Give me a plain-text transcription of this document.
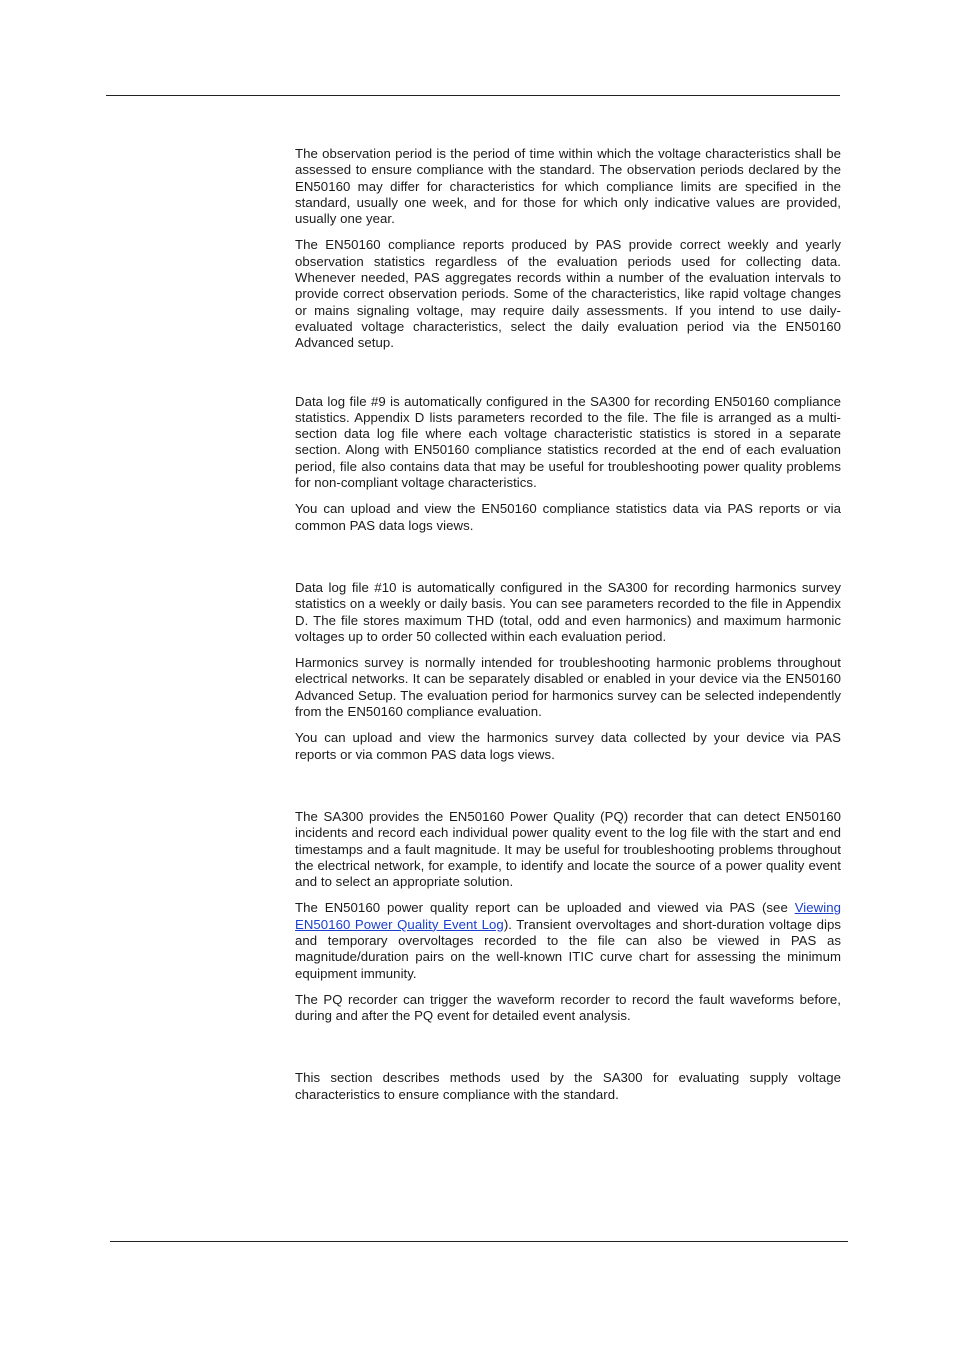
The observation period is the period of time within which the voltage characteristics shall be assessed to ensure compliance with the standard. The observation periods declared by the EN50160 may differ for characteristics for which compliance limits are specified in the standard, usually one week, and for those for which only indicative values are provided, usually one year.

The EN50160 compliance reports produced by PAS provide correct weekly and yearly observation statistics regardless of the evaluation periods used for collecting data. Whenever needed, PAS aggregates records within a number of the evaluation intervals to provide correct observation periods. Some of the characteristics, like rapid voltage changes or mains signaling voltage, may require daily assessments. If you intend to use daily-evaluated voltage characteristics, select the daily evaluation period via the EN50160 Advanced setup.

Data log file #9 is automatically configured in the SA300 for recording EN50160 compliance statistics. Appendix D lists parameters recorded to the file. The file is arranged as a multi-section data log file where each voltage characteristic statistics is stored in a separate section. Along with EN50160 compliance statistics recorded at the end of each evaluation period, file also contains data that may be useful for troubleshooting power quality problems for non-compliant voltage characteristics.

You can upload and view the EN50160 compliance statistics data via PAS reports or via common PAS data logs views.

Data log file #10 is automatically configured in the SA300 for recording harmonics survey statistics on a weekly or daily basis. You can see parameters recorded to the file in Appendix D. The file stores maximum THD (total, odd and even harmonics) and maximum harmonic voltages up to order 50 collected within each evaluation period.

Harmonics survey is normally intended for troubleshooting harmonic problems throughout electrical networks. It can be separately disabled or enabled in your device via the EN50160 Advanced Setup. The evaluation period for harmonics survey can be selected independently from the EN50160 compliance evaluation.

You can upload and view the harmonics survey data collected by your device via PAS reports or via common PAS data logs views.

The SA300 provides the EN50160 Power Quality (PQ) recorder that can detect EN50160 incidents and record each individual power quality event to the log file with the start and end timestamps and a fault magnitude. It may be useful for troubleshooting problems throughout the electrical network, for example, to identify and locate the source of a power quality event and to select an appropriate solution.

The EN50160 power quality report can be uploaded and viewed via PAS (see Viewing EN50160 Power Quality Event Log). Transient overvoltages and short-duration voltage dips and temporary overvoltages recorded to the file can also be viewed in PAS as magnitude/duration pairs on the well-known ITIC curve chart for assessing the minimum equipment immunity.

The PQ recorder can trigger the waveform recorder to record the fault waveforms before, during and after the PQ event for detailed event analysis.

This section describes methods used by the SA300 for evaluating supply voltage characteristics to ensure compliance with the standard.
